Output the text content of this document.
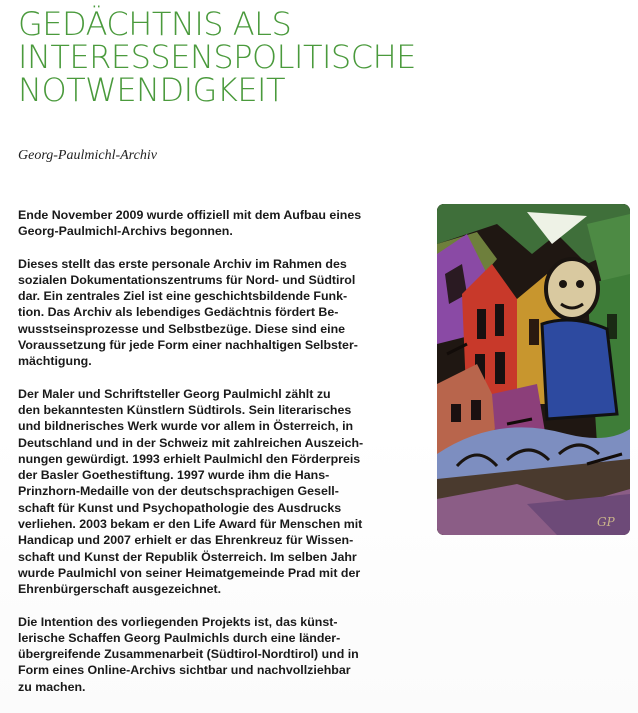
GEDÄCHTNIS ALS
INTERESSENSPOLITISCHE
NOTWENDIGKEIT
Georg-Paulmichl-Archiv

Ende November 2009 wurde offiziell mit dem Aufbau eines
Georg-Paulmichl-Archivs begonnen.

Dieses stellt das erste personale Archiv im Rahmen des
sozialen Dokumentationszentrums für Nord- und Südtirol
dar. Ein zentrales Ziel ist eine geschichtsbildende Funk-
tion. Das Archiv als lebendiges Gedächtnis fördert Be-
wusstseinsprozesse und Selbstbezüge. Diese sind eine
Voraussetzung für jede Form einer nachhaltigen Selbster-
mächtigung.

Der Maler und Schriftsteller Georg Paulmichl zählt zu
den bekanntesten Künstlern Südtirols. Sein literarisches
und bildnerisches Werk wurde vor allem in Österreich, in
Deutschland und in der Schweiz mit zahlreichen Auszeich-
nungen gewürdigt. 1993 erhielt Paulmichl den Förderpreis
der Basler Goethestiftung. 1997 wurde ihm die Hans-
Prinzhorn-Medaille von der deutschsprachigen Gesell-
schaft für Kunst und Psychopathologie des Ausdrucks
verliehen. 2003 bekam er den Life Award für Menschen mit
Handicap und 2007 erhielt er das Ehrenkreuz für Wissen-
schaft und Kunst der Republik Österreich. Im selben Jahr
wurde Paulmichl von seiner Heimatgemeinde Prad mit der
Ehrenbürgerschaft ausgezeichnet.

Die Intention des vorliegenden Projekts ist, das künst-
lerische Schaffen Georg Paulmichls durch eine länder-
übergreifende Zusammenarbeit (Südtirol-Nordtirol) und in
Form eines Online-Archivs sichtbar und nachvollziehbar
zu machen.

GP
